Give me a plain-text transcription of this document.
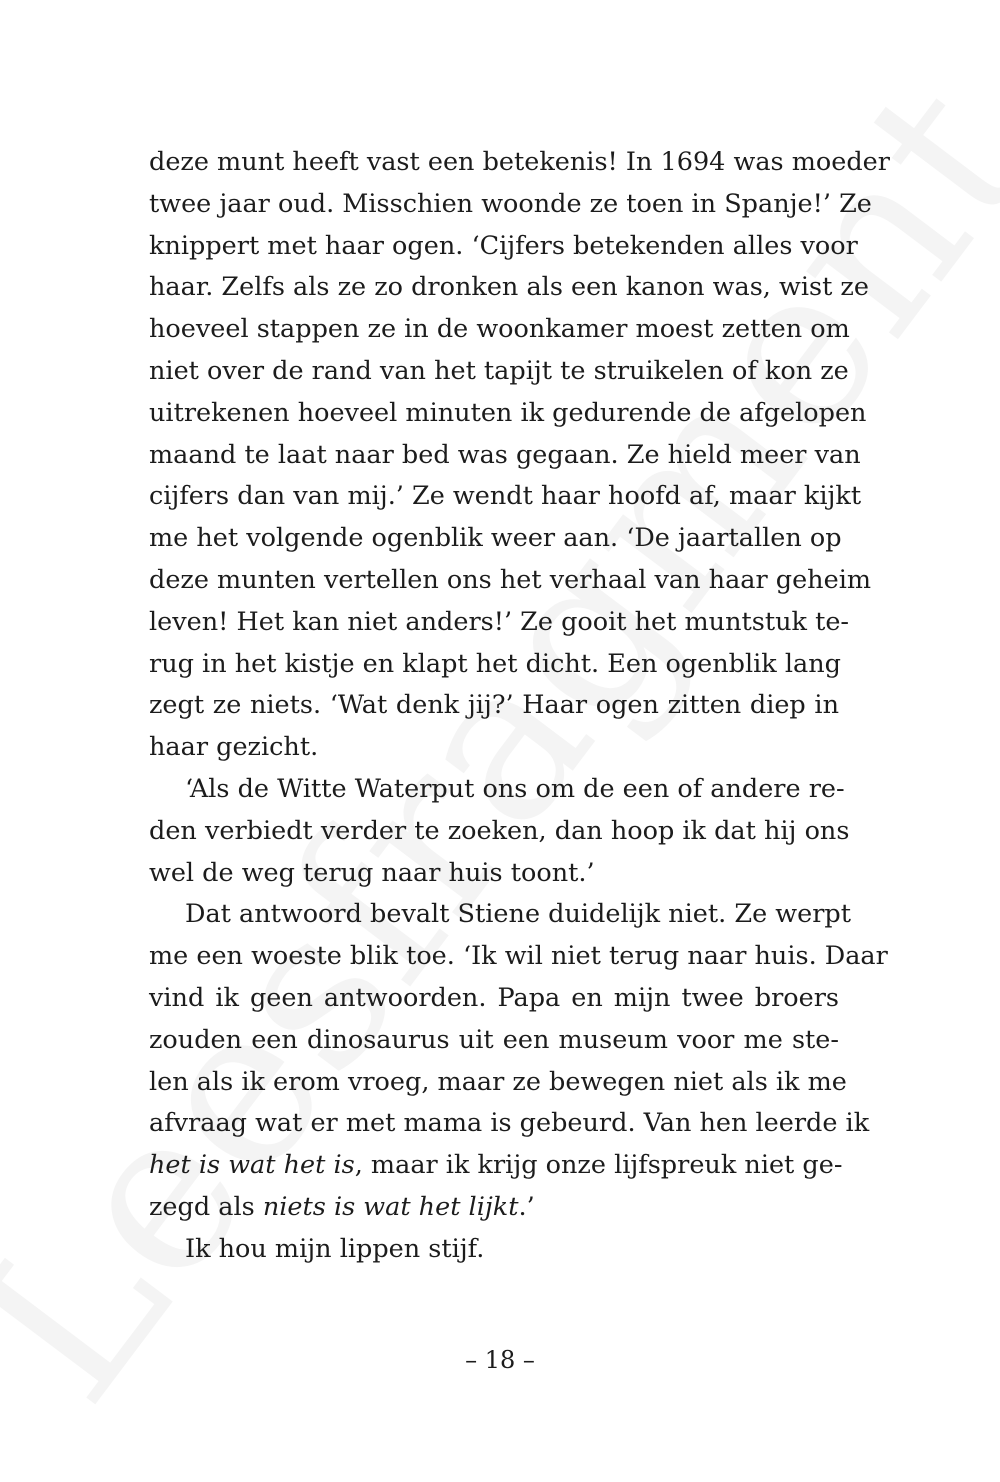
deze munt heeft vast een betekenis! In 1694 was moeder
twee jaar oud. Misschien woonde ze toen in Spanje!’ Ze
knippert met haar ogen. ‘Cijfers betekenden alles voor
haar. Zelfs als ze zo dronken als een kanon was, wist ze
hoeveel stappen ze in de woonkamer moest zetten om
niet over de rand van het tapijt te struikelen of kon ze
uitrekenen hoeveel minuten ik gedurende de afgelopen
maand te laat naar bed was gegaan. Ze hield meer van
cijfers dan van mij.’ Ze wendt haar hoofd af, maar kijkt
me het volgende ogenblik weer aan. ‘De jaartallen op
deze munten vertellen ons het verhaal van haar geheim
leven! Het kan niet anders!’ Ze gooit het muntstuk te-
rug in het kistje en klapt het dicht. Een ogenblik lang
zegt ze niets. ‘Wat denk jij?’ Haar ogen zitten diep in
haar gezicht.

‘Als de Witte Waterput ons om de een of andere re-
den verbiedt verder te zoeken, dan hoop ik dat hij ons
wel de weg terug naar huis toont.’

Dat antwoord bevalt Stiene duidelijk niet. Ze werpt
me een woeste blik toe. ‘Ik wil niet terug naar huis. Daar
vind ik geen antwoorden. Papa en mijn twee broers
zouden een dinosaurus uit een museum voor me ste-
len als ik erom vroeg, maar ze bewegen niet als ik me
afvraag wat er met mama is gebeurd. Van hen leerde ik
het is wat het is, maar ik krijg onze lijfspreuk niet ge-
zegd als niets is wat het lijkt.’

Ik hou mijn lippen stijf.

– 18 –
